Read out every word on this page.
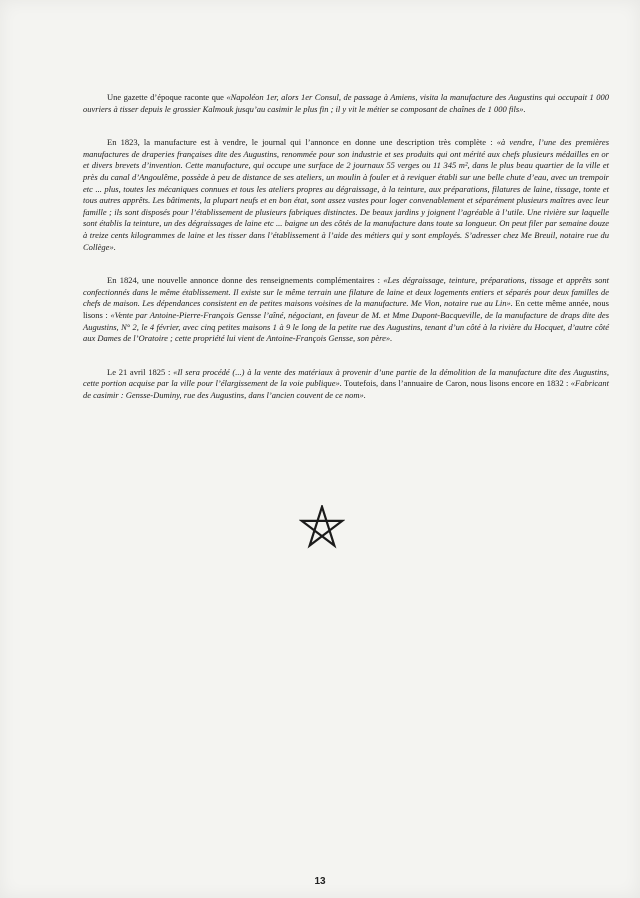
Une gazette d’époque raconte que «Napoléon 1er, alors 1er Consul, de passage à Amiens, visita la manufacture des Augustins qui occupait 1 000 ouvriers à tisser depuis le grossier Kalmouk jusqu’au casimir le plus fin ; il y vit le métier se composant de chaînes de 1 000 fils».

En 1823, la manufacture est à vendre, le journal qui l’annonce en donne une description très complète : «à vendre, l’une des premières manufactures de draperies françaises dite des Augustins, renommée pour son industrie et ses produits qui ont mérité aux chefs plusieurs médailles en or et divers brevets d’invention. Cette manufacture, qui occupe une surface de 2 journaux 55 verges ou 11 345 m², dans le plus beau quartier de la ville et près du canal d’Angoulême, possède à peu de distance de ses ateliers, un moulin à fouler et à reviquer établi sur une belle chute d’eau, avec un trempoir etc ... plus, toutes les mécaniques connues et tous les ateliers propres au dégraissage, à la teinture, aux préparations, filatures de laine, tissage, tonte et tous autres apprêts. Les bâtiments, la plupart neufs et en bon état, sont assez vastes pour loger convenablement et séparément plusieurs maîtres avec leur famille ; ils sont disposés pour l’établissement de plusieurs fabriques distinctes. De beaux jardins y joignent l’agréable à l’utile. Une rivière sur laquelle sont établis la teinture, un des dégraissages de laine etc ... baigne un des côtés de la manufacture dans toute sa longueur. On peut filer par semaine douze à treize cents kilogrammes de laine et les tisser dans l’établissement à l’aide des métiers qui y sont employés. S’adresser chez Me Breuil, notaire rue du Collège».

En 1824, une nouvelle annonce donne des renseignements complémentaires : «Les dégraissage, teinture, préparations, tissage et apprêts sont confectionnés dans le même établissement. Il existe sur le même terrain une filature de laine et deux logements entiers et séparés pour deux familles de chefs de maison. Les dépendances consistent en de petites maisons voisines de la manufacture. Me Vion, notaire rue au Lin». En cette même année, nous lisons : «Vente par Antoine-Pierre-François Gensse l’aîné, négociant, en faveur de M. et Mme Dupont-Bacqueville, de la manufacture de draps dite des Augustins, N° 2, le 4 février, avec cinq petites maisons 1 à 9 le long de la petite rue des Augustins, tenant d’un côté à la rivière du Hocquet, d’autre côté aux Dames de l’Oratoire ; cette propriété lui vient de Antoine-François Gensse, son père».

Le 21 avril 1825 : «Il sera procédé (...) à la vente des matériaux à provenir d’une partie de la démolition de la manufacture dite des Augustins, cette portion acquise par la ville pour l’élargissement de la voie publique». Toutefois, dans l’annuaire de Caron, nous lisons encore en 1832 : «Fabricant de casimir : Gensse-Duminy, rue des Augustins, dans l’ancien couvent de ce nom».

13
